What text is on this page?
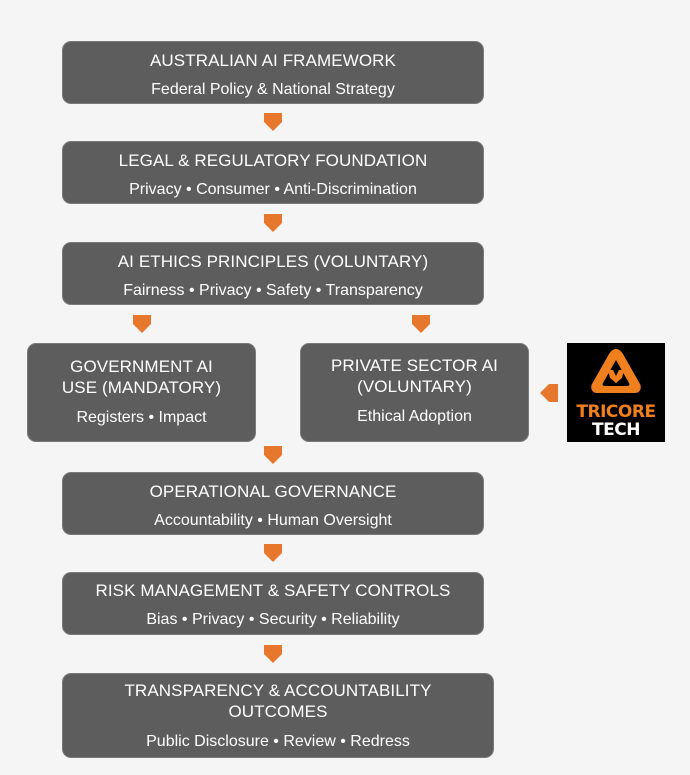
AUSTRALIAN AI FRAMEWORK
Federal Policy & National Strategy
LEGAL & REGULATORY FOUNDATION
Privacy • Consumer • Anti-Discrimination
AI ETHICS PRINCIPLES (VOLUNTARY)
Fairness • Privacy • Safety • Transparency
GOVERNMENT AI
USE (MANDATORY)
Registers • Impact
PRIVATE SECTOR AI
(VOLUNTARY)
Ethical Adoption	TRICORE
TECH
OPERATIONAL GOVERNANCE
Accountability • Human Oversight
RISK MANAGEMENT & SAFETY CONTROLS
Bias • Privacy • Security • Reliability
TRANSPARENCY & ACCOUNTABILITY
OUTCOMES
Public Disclosure • Review • Redress
